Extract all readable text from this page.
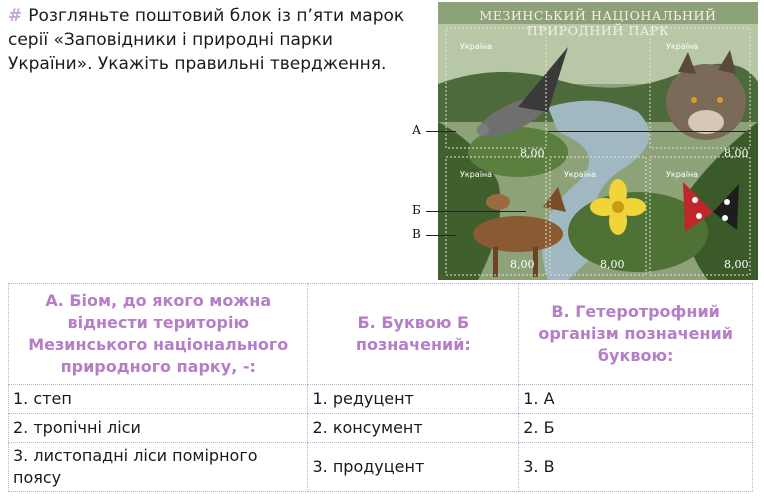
# Розгляньте поштовий блок із п’яти марок серії «Заповідники і природні парки України». Укажіть правильні твердження.
МЕЗИНСЬКИЙ НАЦІОНАЛЬНИЙ ПРИРОДНИЙ ПАРК
Україна	Україна
Україна	Україна	Україна
8,00	8,00
8,00	8,00	8,00
А
Б
В
А. Біом, до якого можна віднести територію Мезинського національного природного парку, -:	Б. Буквою Б позначений:	В. Гетеротрофний організм позначений буквою:
1. степ	1. редуцент	1. А
2. тропічні ліси	2. консумент	2. Б
3. листопадні ліси помірного поясу	3. продуцент	3. В
